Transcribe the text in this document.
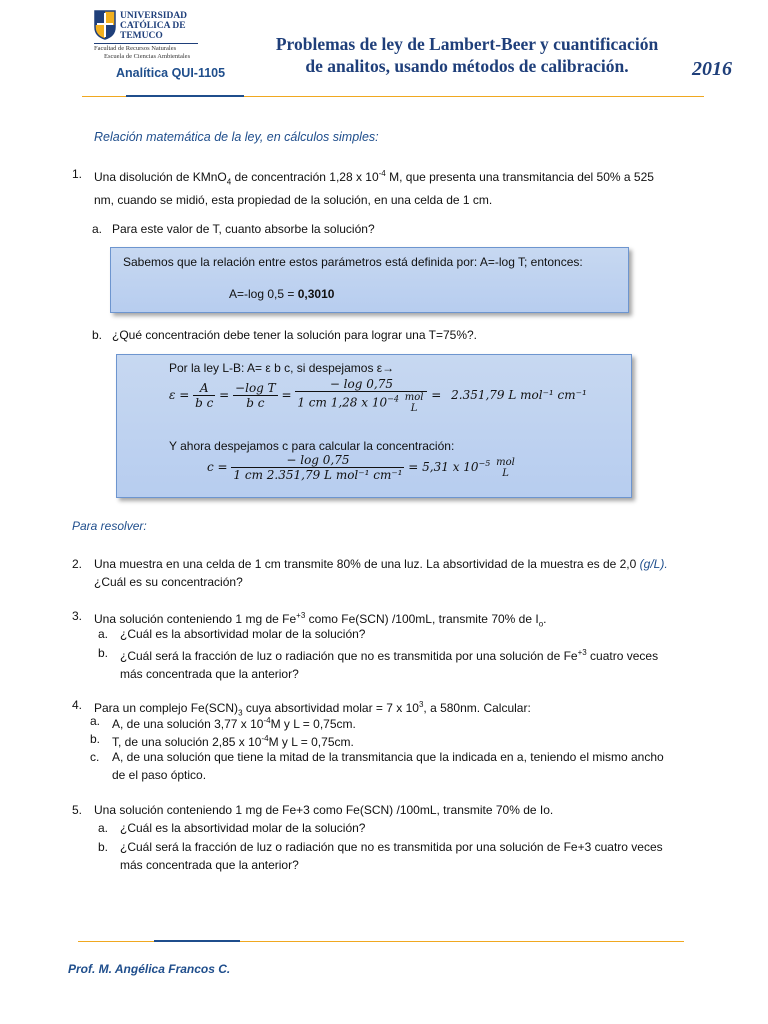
UNIVERSIDAD
CATÓLICA DE
TEMUCO
Facultad de Recursos Naturales
Escuela de Ciencias Ambientales
Analítica QUI-1105
Problemas de ley de Lambert-Beer y cuantificación
de analitos, usando métodos de calibración.	2016
Relación matemática de la ley, en cálculos simples:
1. Una disolución de KMnO$_4$ de concentración 1,28 x $10^{-4}$ M, que presenta una transmitancia del 50% a 525
nm, cuando se midió, esta propiedad de la solución, en una celda de 1 cm.
a. Para este valor de T, cuanto absorbe la solución?
Sabemos que la relación entre estos parámetros está definida por: A=-log T; entonces:
A=-log 0,5 = 0,3010
b. ¿Qué concentración debe tener la solución para lograr una T=75%?.
Por la ley L-B: A= ε b c, si despejamos ε→
$\varepsilon = \frac{A}{\text{b c}} = \frac{\text{−log T}}{\text{b c}}$ = − log 0,75
1 cm 1,28 x $10^{-4}$ mol
L = 2.351,79 L mol⁻¹ cm⁻¹
Y ahora despejamos c para calcular la concentración:
$c = \frac{- \log 0,75}{\text{1 cm 2.351,79 L mol⁻¹ cm⁻¹}} = 5,31$ x $10^{-5}$ mol
L
Para resolver:
2. Una muestra en una celda de 1 cm transmite 80% de una luz. La absortividad de la muestra es de 2,0 (g/L).
¿Cuál es su concentración?
3. Una solución conteniendo 1 mg de $Fe^{+3}$ como Fe(SCN) /100mL, transmite 70% de $I_o$.
a. ¿Cuál es la absortividad molar de la solución?
b. ¿Cuál será la fracción de luz o radiación que no es transmitida por una solución de $Fe^{+3}$ cuatro veces
más concentrada que la anterior?
4. Para un complejo $Fe(SCN)_3$ cuya absortividad molar = 7 x $10^3$, a 580nm. Calcular:
a. A, de una solución 3,77 x $10^{-4}M$ y L = 0,75cm.
b. T, de una solución 2,85 x $10^{-4}M$ y L = 0,75cm.
c. A, de una solución que tiene la mitad de la transmitancia que la indicada en a, teniendo el mismo ancho
de el paso óptico.
5. Una solución conteniendo 1 mg de Fe+3 como Fe(SCN) /100mL, transmite 70% de Io.
a. ¿Cuál es la absortividad molar de la solución?
b. ¿Cuál será la fracción de luz o radiación que no es transmitida por una solución de Fe+3 cuatro veces
más concentrada que la anterior?
Prof. M. Angélica Francos C.
